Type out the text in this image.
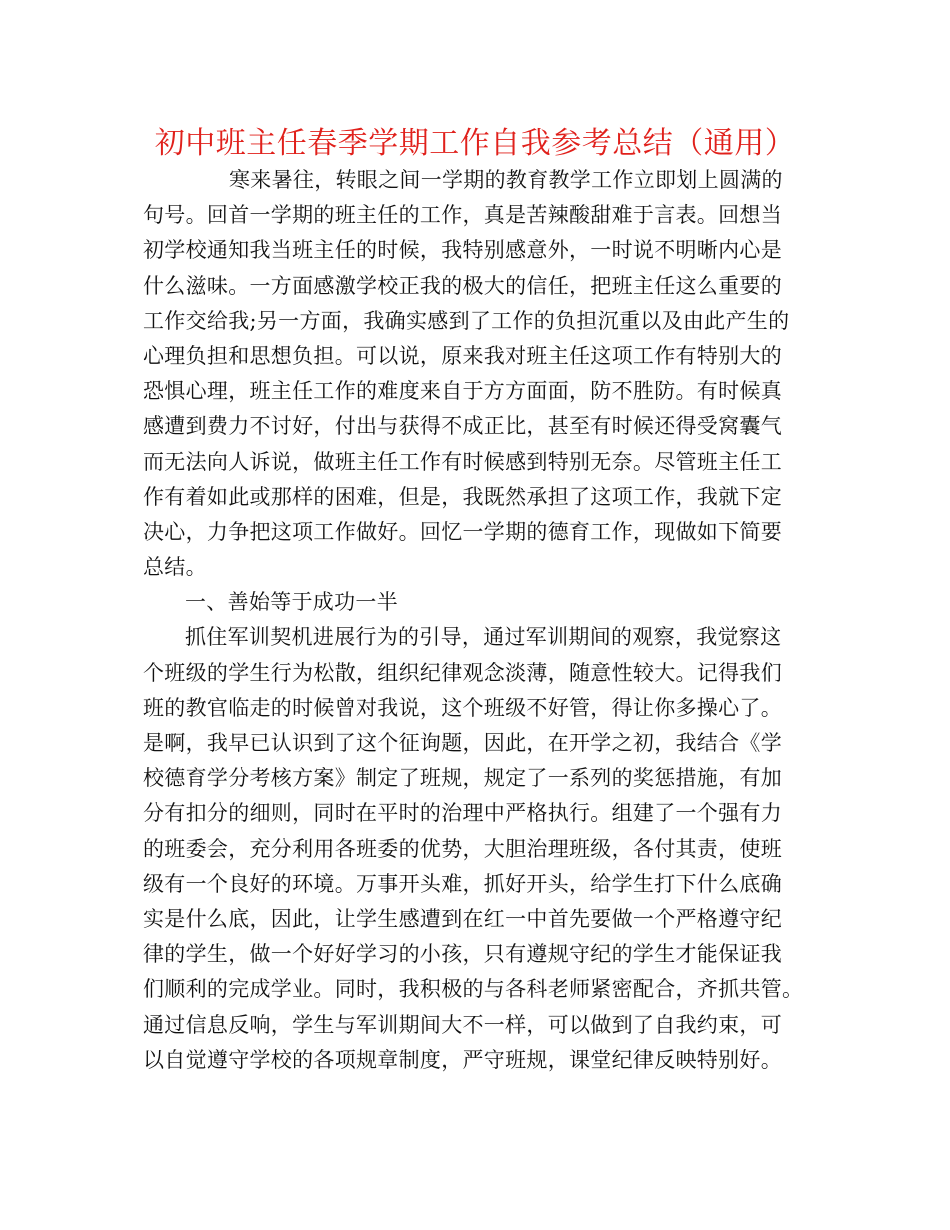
初中班主任春季学期工作自我参考总结（通用）
寒来暑往，转眼之间一学期的教育教学工作立即划上圆满的
句号。回首一学期的班主任的工作，真是苦辣酸甜难于言表。回想当
初学校通知我当班主任的时候，我特别感意外，一时说不明晰内心是
什么滋味。一方面感激学校正我的极大的信任，把班主任这么重要的
工作交给我;另一方面，我确实感到了工作的负担沉重以及由此产生的
心理负担和思想负担。可以说，原来我对班主任这项工作有特别大的
恐惧心理，班主任工作的难度来自于方方面面，防不胜防。有时候真
感遭到费力不讨好，付出与获得不成正比，甚至有时候还得受窝囊气
而无法向人诉说，做班主任工作有时候感到特别无奈。尽管班主任工
作有着如此或那样的困难，但是，我既然承担了这项工作，我就下定
决心，力争把这项工作做好。回忆一学期的德育工作，现做如下简要
总结。
一、善始等于成功一半
抓住军训契机进展行为的引导，通过军训期间的观察，我觉察这
个班级的学生行为松散，组织纪律观念淡薄，随意性较大。记得我们
班的教官临走的时候曾对我说，这个班级不好管，得让你多操心了。
是啊，我早已认识到了这个征询题，因此，在开学之初，我结合《学
校德育学分考核方案》制定了班规，规定了一系列的奖惩措施，有加
分有扣分的细则，同时在平时的治理中严格执行。组建了一个强有力
的班委会，充分利用各班委的优势，大胆治理班级，各付其责，使班
级有一个良好的环境。万事开头难，抓好开头，给学生打下什么底确
实是什么底，因此，让学生感遭到在红一中首先要做一个严格遵守纪
律的学生，做一个好好学习的小孩，只有遵规守纪的学生才能保证我
们顺利的完成学业。同时，我积极的与各科老师紧密配合，齐抓共管。
通过信息反响，学生与军训期间大不一样，可以做到了自我约束，可
以自觉遵守学校的各项规章制度，严守班规，课堂纪律反映特别好。
